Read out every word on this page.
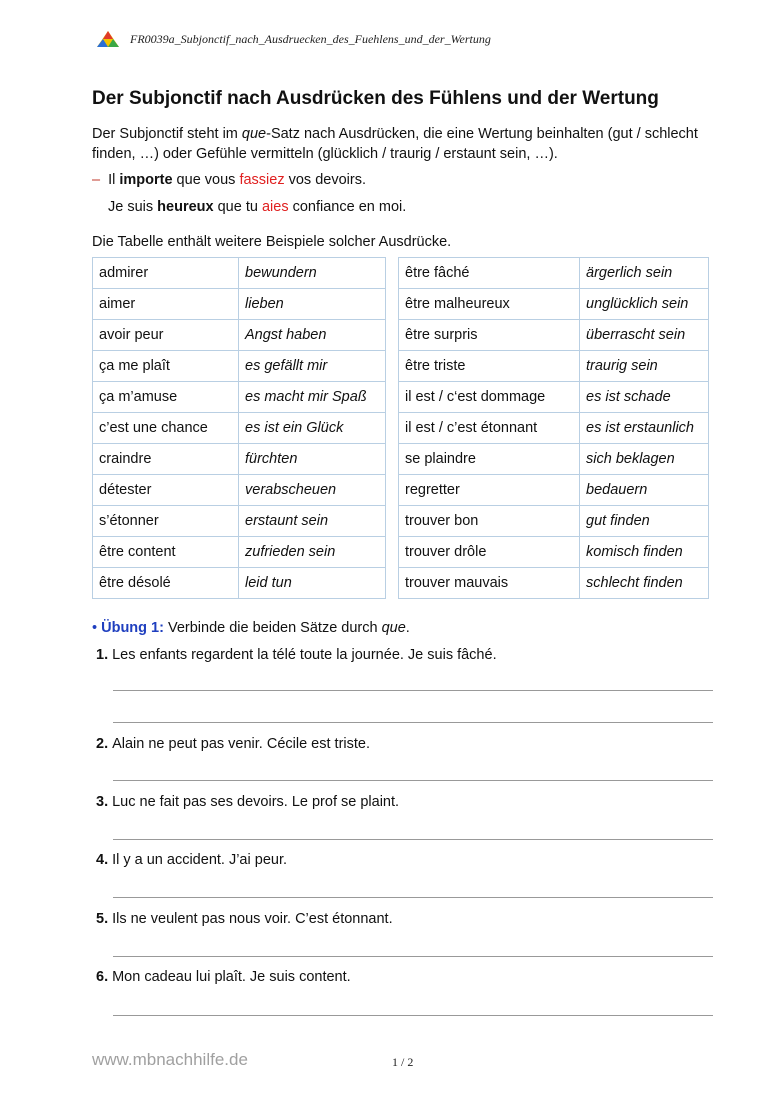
FR0039a_Subjonctif_nach_Ausdruecken_des_Fuehlens_und_der_Wertung
Der Subjonctif nach Ausdrücken des Fühlens und der Wertung

Der Subjonctif steht im que-Satz nach Ausdrücken, die eine Wertung beinhalten (gut / schlecht finden, …) oder Gefühle vermitteln (glücklich / traurig / erstaunt sein, …).

– Il importe que vous fassiez vos devoirs.
Je suis heureux que tu aies confiance en moi.

Die Tabelle enthält weitere Beispiele solcher Ausdrücke.

admirer	bewundern
aimer	lieben
avoir peur	Angst haben
ça me plaît	es gefällt mir
ça m’amuse	es macht mir Spaß
c’est une chance	es ist ein Glück
craindre	fürchten
détester	verabscheuen
s’étonner	erstaunt sein
être content	zufrieden sein
être désolé	leid tun
être fâché	ärgerlich sein
être malheureux	unglücklich sein
être surpris	überrascht sein
être triste	traurig sein
il est / c‘est dommage	es ist schade
il est / c’est étonnant	es ist erstaunlich
se plaindre	sich beklagen
regretter	bedauern
trouver bon	gut finden
trouver drôle	komisch finden
trouver mauvais	schlecht finden

• Übung 1: Verbinde die beiden Sätze durch que.

1. Les enfants regardent la télé toute la journée. Je suis fâché.
2. Alain ne peut pas venir. Cécile est triste.
3. Luc ne fait pas ses devoirs. Le prof se plaint.
4. Il y a un accident. J’ai peur.
5. Ils ne veulent pas nous voir. C’est étonnant.
6. Mon cadeau lui plaît. Je suis content.
www.mbnachhilfe.de	1 / 2
